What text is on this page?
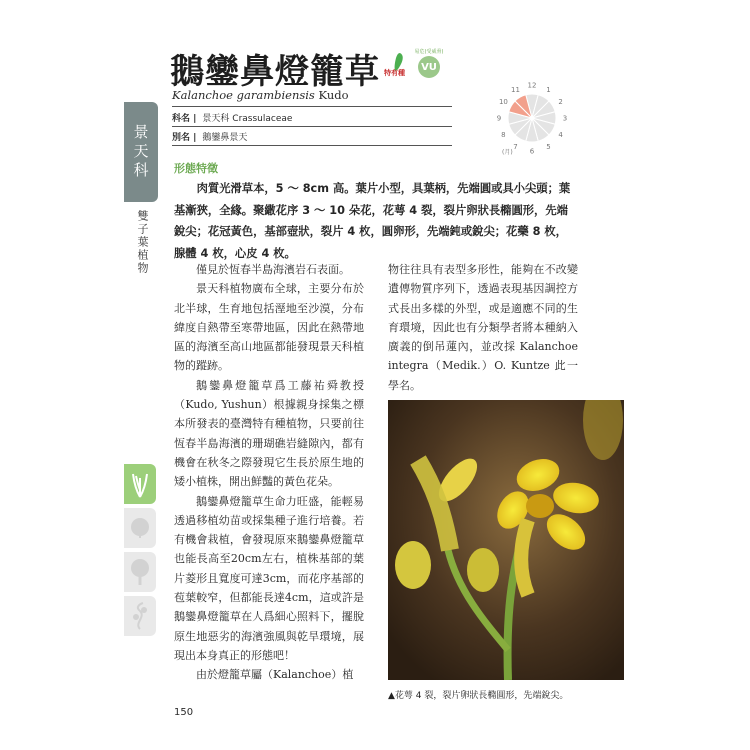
鵝鑾鼻燈籠草 特有種
易危(受威脅)
VU
Kalanchoe garambiensis Kudo
科名 | 景天科 Crassulaceae
別名 | 鵝鑾鼻景天
景天科
雙子葉植物
12
1
2
3
4
5
6
7
8
9
10
11
(月)
形態特徵
肉質光滑草本，5 ～ 8cm 高。葉片小型，具葉柄，先端圓或具小尖頭；葉基漸狹，全緣。聚繖花序 3 ～ 10 朵花，花萼 4 裂，裂片卵狀長橢圓形，先端銳尖；花冠黃色，基部壺狀，裂片 4 枚，圓卵形，先端鈍或銳尖；花藥 8 枚，腺體 4 枚，心皮 4 枚。

僅見於恆春半島海濱岩石表面。

景天科植物廣布全球，主要分布於北半球，生育地包括溼地至沙漠，分布緯度自熱帶至寒帶地區，因此在熱帶地區的海濱至高山地區都能發現景天科植物的蹤跡。

鵝鑾鼻燈籠草爲工藤祐舜教授（Kudo, Yushun）根據親身採集之標本所發表的臺灣特有種植物，只要前往恆春半島海濱的珊瑚礁岩縫隙內，都有機會在秋冬之際發現它生長於原生地的矮小植株，開出鮮豔的黃色花朵。

鵝鑾鼻燈籠草生命力旺盛，能輕易透過移植幼苗或採集種子進行培養。若有機會栽植，會發現原來鵝鑾鼻燈籠草也能長高至20cm左右，植株基部的葉片菱形且寬度可達3cm，而花序基部的苞葉較窄，但都能長達4cm，這或許是鵝鑾鼻燈籠草在人爲細心照料下，擺脫原生地惡劣的海濱強風與乾旱環境，展現出本身真正的形態吧！

由於燈籠草屬（Kalanchoe）植

物往往具有表型多形性，能夠在不改變遺傳物質序列下，透過表現基因調控方式長出多樣的外型，或是適應不同的生育環境，因此也有分類學者將本種納入廣義的倒吊蓮內，並改採 Kalanchoe integra（Medik.）O. Kuntze 此一學名。

▲花萼 4 裂，裂片卵狀長橢圓形，先端銳尖。
150
